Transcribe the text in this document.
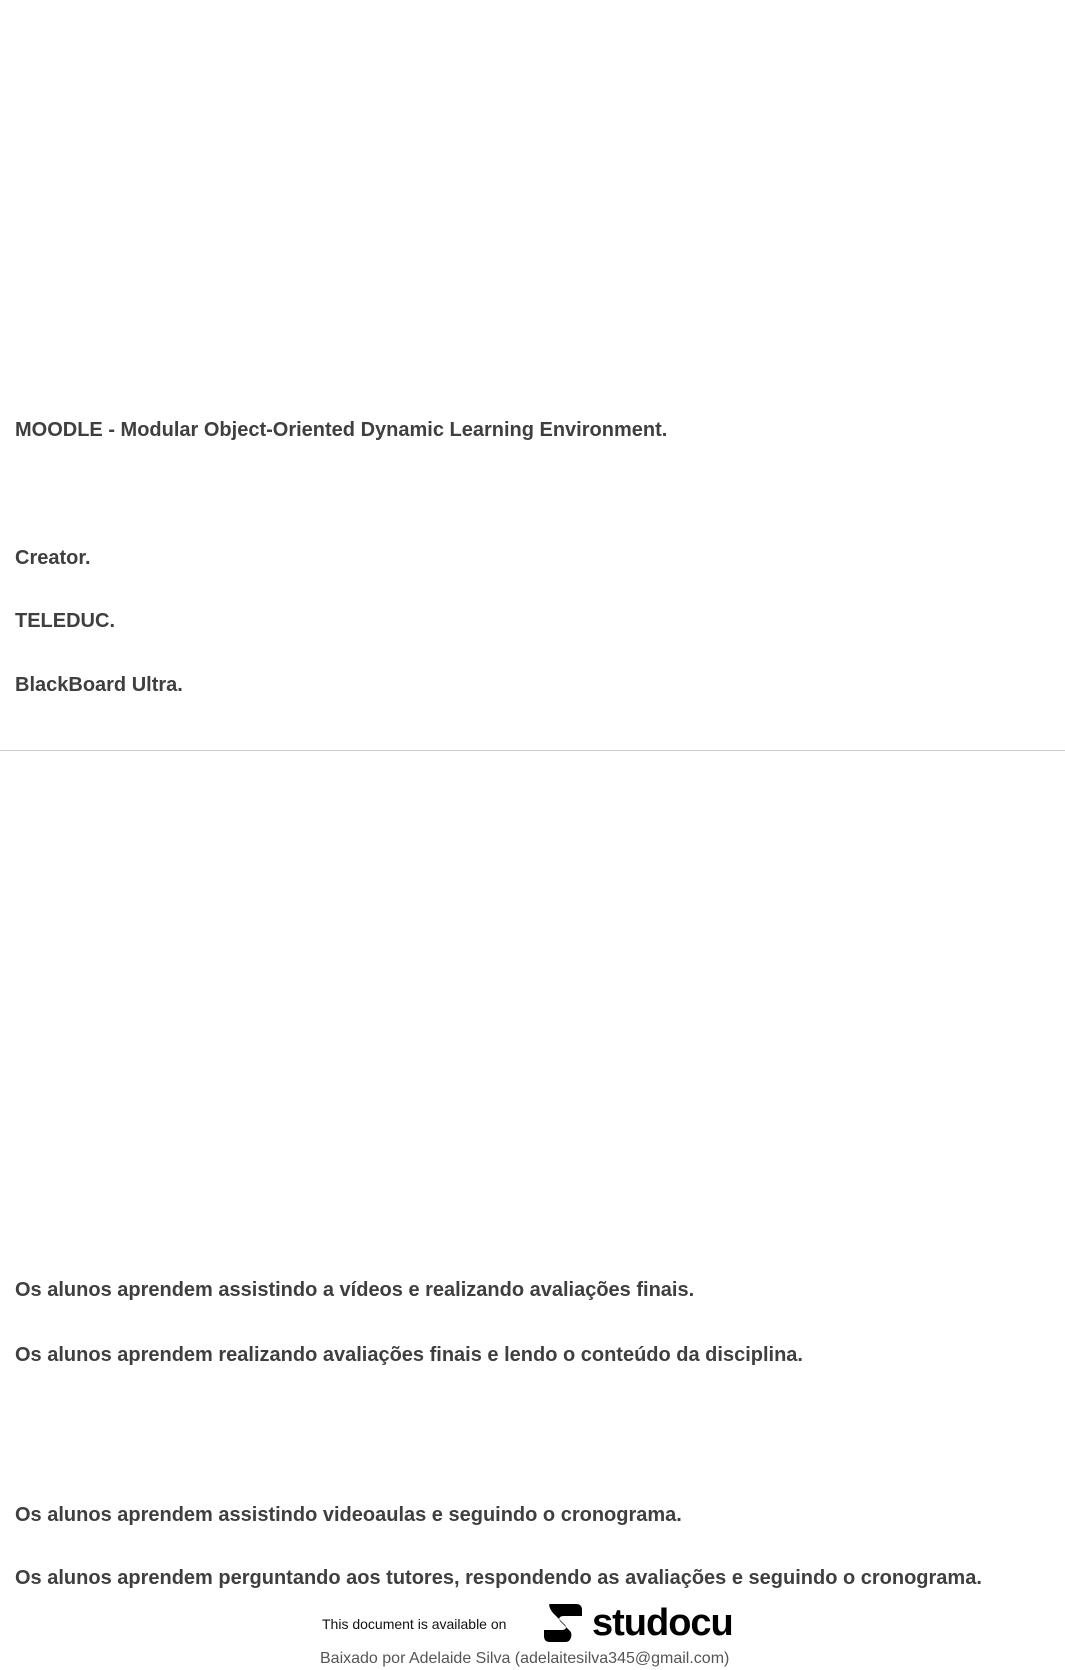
MOODLE - Modular Object-Oriented Dynamic Learning Environment.

Creator.

TELEDUC.

BlackBoard Ultra.

Os alunos aprendem assistindo a vídeos e realizando avaliações finais.

Os alunos aprendem realizando avaliações finais e lendo o conteúdo da disciplina.

Os alunos aprendem assistindo videoaulas e seguindo o cronograma.

Os alunos aprendem perguntando aos tutores, respondendo as avaliações e seguindo o cronograma.

This document is available on studocu
Baixado por Adelaide Silva (adelaitesilva345@gmail.com)
